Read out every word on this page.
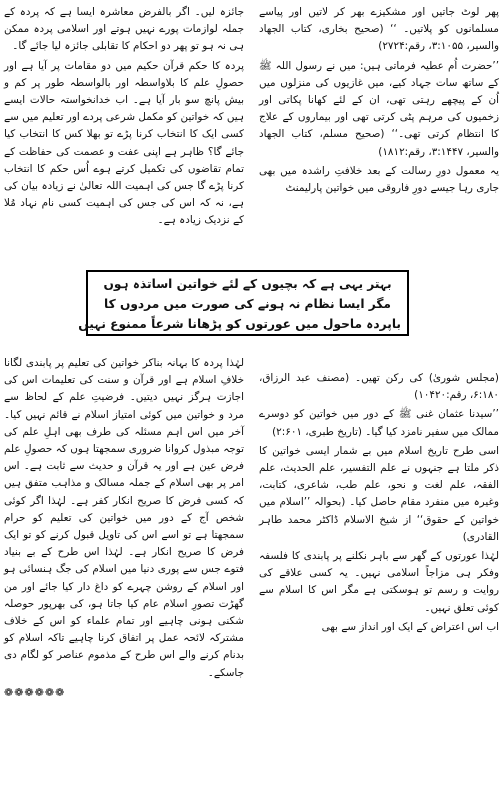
پھر لوٹ جاتیں اور مشکیزے بھر کر لاتیں اور پیاسے مسلمانوں کو پلاتیں۔ ‘‘ (صحیح بخاری، کتاب الجهاد والسیر، ۳:۱۰۵۵، رقم:۲۷۲۴)

’’حضرت اُم عطیہ فرماتی ہیں: میں نے رسول اللہ ﷺ کے ساتھ سات جہاد کیے، میں غازیوں کی منزلوں میں اُن کے پیچھے رہتی تھی، ان کے لئے کھانا پکاتی اور زخمیوں کی مرہم پٹی کرتی تھی اور بیماروں کے علاج کا انتظام کرتی تھی۔‘‘ (صحیح مسلم، کتاب الجهاد والسیر، ۳:۱۴۴۷، رقم:۱۸۱۲)

یہ معمول دورِ رسالت کے بعد خلافتِ راشدہ میں بھی جاری رہا جیسے دورِ فاروقی میں خواتین پارلیمنٹ

(مجلس شوریٰ) کی رکن تھیں۔ (مصنف عبد الرزاق، ۶:۱۸۰، رقم:۱۰۴۲۰)

’’سیدنا عثمان غنی ﷺ کے دور میں خواتین کو دوسرے ممالک میں سفیر نامزد کیا گیا۔ (تاریخ طبری، ۲:۶۰۱)

اسی طرح تاریخ اسلام میں بے شمار ایسی خواتین کا ذکر ملتا ہے جنہوں نے علم التفسیر، علم الحدیث، علم الفقہ، علم لغت و نحو، علم طب، شاعری، کتابت، وغیرہ میں منفرد مقام حاصل کیا۔ (بحوالہ ’’اسلام میں خواتین کے حقوق‘‘ از شیخ الاسلام ڈاکٹر محمد طاہر القادری)

لہٰذا عورتوں کے گھر سے باہر نکلنے پر پابندی کا فلسفہ وفکر ہی مزاجاً اسلامی نہیں۔ یہ کسی علاقے کی روایت و رسم تو ہوسکتی ہے مگر اس کا اسلام سے کوئی تعلق نہیں۔

اب اس اعتراض کے ایک اور انداز سے بھی

جائزہ لیں۔ اگر بالفرض معاشرہ ایسا ہے کہ پردہ کے جملہ لوازمات پورے نہیں ہوتے اور اسلامی پردہ ممکن ہی نہ ہو تو پھر دو احکام کا تقابلی جائزہ لیا جائے گا۔

پردہ کا حکم قرآن حکیم میں دو مقامات پر آیا ہے اور حصولِ علم کا بلاواسطہ اور بالواسطہ طور پر کم و بیش پانچ سو بار آیا ہے۔ اب خدانخواستہ حالات ایسے ہیں کہ خواتین کو مکمل شرعی پردے اور تعلیم میں سے کسی ایک کا انتخاب کرنا پڑے تو بھلا کس کا انتخاب کیا جائے گا؟ ظاہر ہے اپنی عفت و عصمت کی حفاظت کے تمام تقاضوں کی تکمیل کرتے ہوے اُس حکم کا انتخاب کرنا پڑے گا جس کی اہمیت اللہ تعالیٰ نے زیادہ بیان کی ہے، نہ کہ اس کی جس کی اہمیت کسی نام نہاد مُلا کے نزدیک زیادہ ہے۔

لہٰذا پردہ کا بہانہ بناکر خواتین کی تعلیم پر پابندی لگانا خلافِ اسلام ہے اور قرآن و سنت کی تعلیمات اس کی اجازت ہرگز نہیں دیتیں۔ فرضیتِ علم کے لحاظ سے مرد و خواتین میں کوئی امتیاز اسلام نے قائم نہیں کیا۔ آخر میں اس اہم مسئلہ کی طرف بھی اہلِ علم کی توجہ مبذول کروانا ضروری سمجھتا ہوں کہ حصولِ علم فرض عین ہے اور یہ قرآن و حدیث سے ثابت ہے۔ اس امر پر بھی اسلام کے جملہ مسالک و مذاہب متفق ہیں کہ کسی فرض کا صریح انکار کفر ہے۔ لہٰذا اگر کوئی شخص آج کے دور میں خواتین کی تعلیم کو حرام سمجھتا ہے تو اسے اس کی تاویل قبول کرنے کو تو ایک فرض کا صریح انکار ہے۔ لہٰذا اس طرح کے بے بنیاد فتوے جس سے پوری دنیا میں اسلام کی جگ ہنسائی ہو اور اسلام کے روشن چہرے کو داغ دار کیا جائے اور من گھڑت تصورِ اسلام عام کیا جاتا ہو، کی بھرپور حوصلہ شکنی ہونی چاہیے اور تمام علماء کو اس کے خلاف مشترکہ لائحہ عمل پر اتفاق کرنا چاہیے تاکہ اسلام کو بدنام کرنے والے اس طرح کے مذموم عناصر کو لگام دی جاسکے۔

❁❁❁❁❁❁
بہتر یہی ہے کہ بچیوں کے لئے خواتین اساتذہ ہوں
مگر ایسا نظام نہ ہونے کی صورت میں مردوں کا
باپردہ ماحول میں عورتوں کو پڑھانا شرعاً ممنوع نہیں
